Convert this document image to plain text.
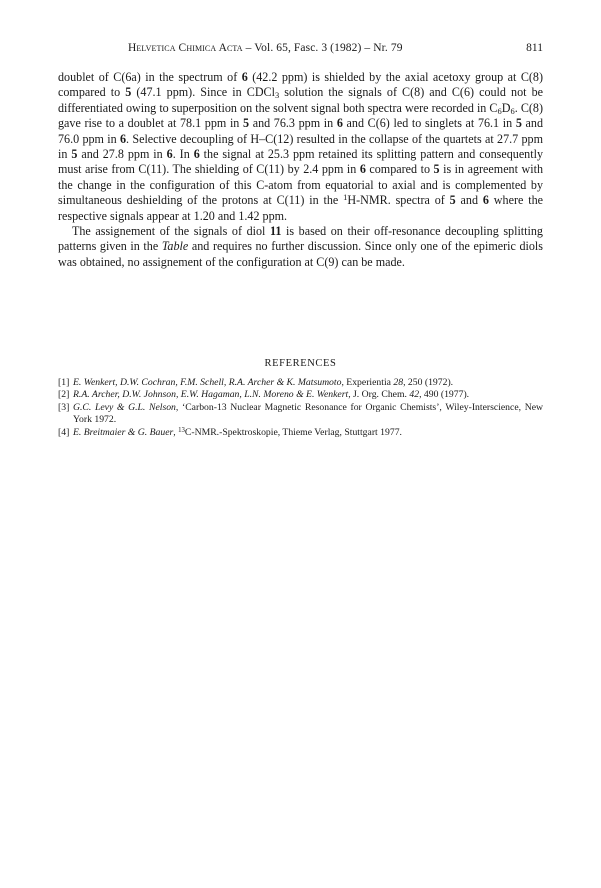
Helvetica Chimica Acta – Vol. 65, Fasc. 3 (1982) – Nr. 79	811

doublet of C(6a) in the spectrum of 6 (42.2 ppm) is shielded by the axial acetoxy group at C(8) compared to 5 (47.1 ppm). Since in CDCl$_3$ solution the signals of C(8) and C(6) could not be differentiated owing to superposition on the solvent signal both spectra were recorded in $C_6D_6$. C(8) gave rise to a doublet at 78.1 ppm in 5 and 76.3 ppm in 6 and C(6) led to singlets at 76.1 in 5 and 76.0 ppm in 6. Selective decoupling of H–C(12) resulted in the collapse of the quartets at 27.7 ppm in 5 and 27.8 ppm in 6. In 6 the signal at 25.3 ppm retained its splitting pattern and consequently must arise from C(11). The shielding of C(11) by 2.4 ppm in 6 compared to 5 is in agreement with the change in the configuration of this C-atom from equatorial to axial and is complemented by simultaneous deshielding of the protons at C(11) in the $^1$H-NMR. spectra of 5 and 6 where the respective signals appear at 1.20 and 1.42 ppm.

The assignement of the signals of diol 11 is based on their off-resonance decoupling splitting patterns given in the Table and requires no further discussion. Since only one of the epimeric diols was obtained, no assignement of the configuration at C(9) can be made.

REFERENCES
[1] E. Wenkert, D.W. Cochran, F.M. Schell, R.A. Archer & K. Matsumoto, Experientia 28, 250 (1972).
[2] R.A. Archer, D.W. Johnson, E.W. Hagaman, L.N. Moreno & E. Wenkert, J. Org. Chem. 42, 490 (1977).
[3] G.C. Levy & G.L. Nelson, ‘Carbon-13 Nuclear Magnetic Resonance for Organic Chemists’, Wiley-Interscience, New York 1972.
[4] E. Breitmaier & G. Bauer, $^{13}$C-NMR.-Spektroskopie, Thieme Verlag, Stuttgart 1977.
